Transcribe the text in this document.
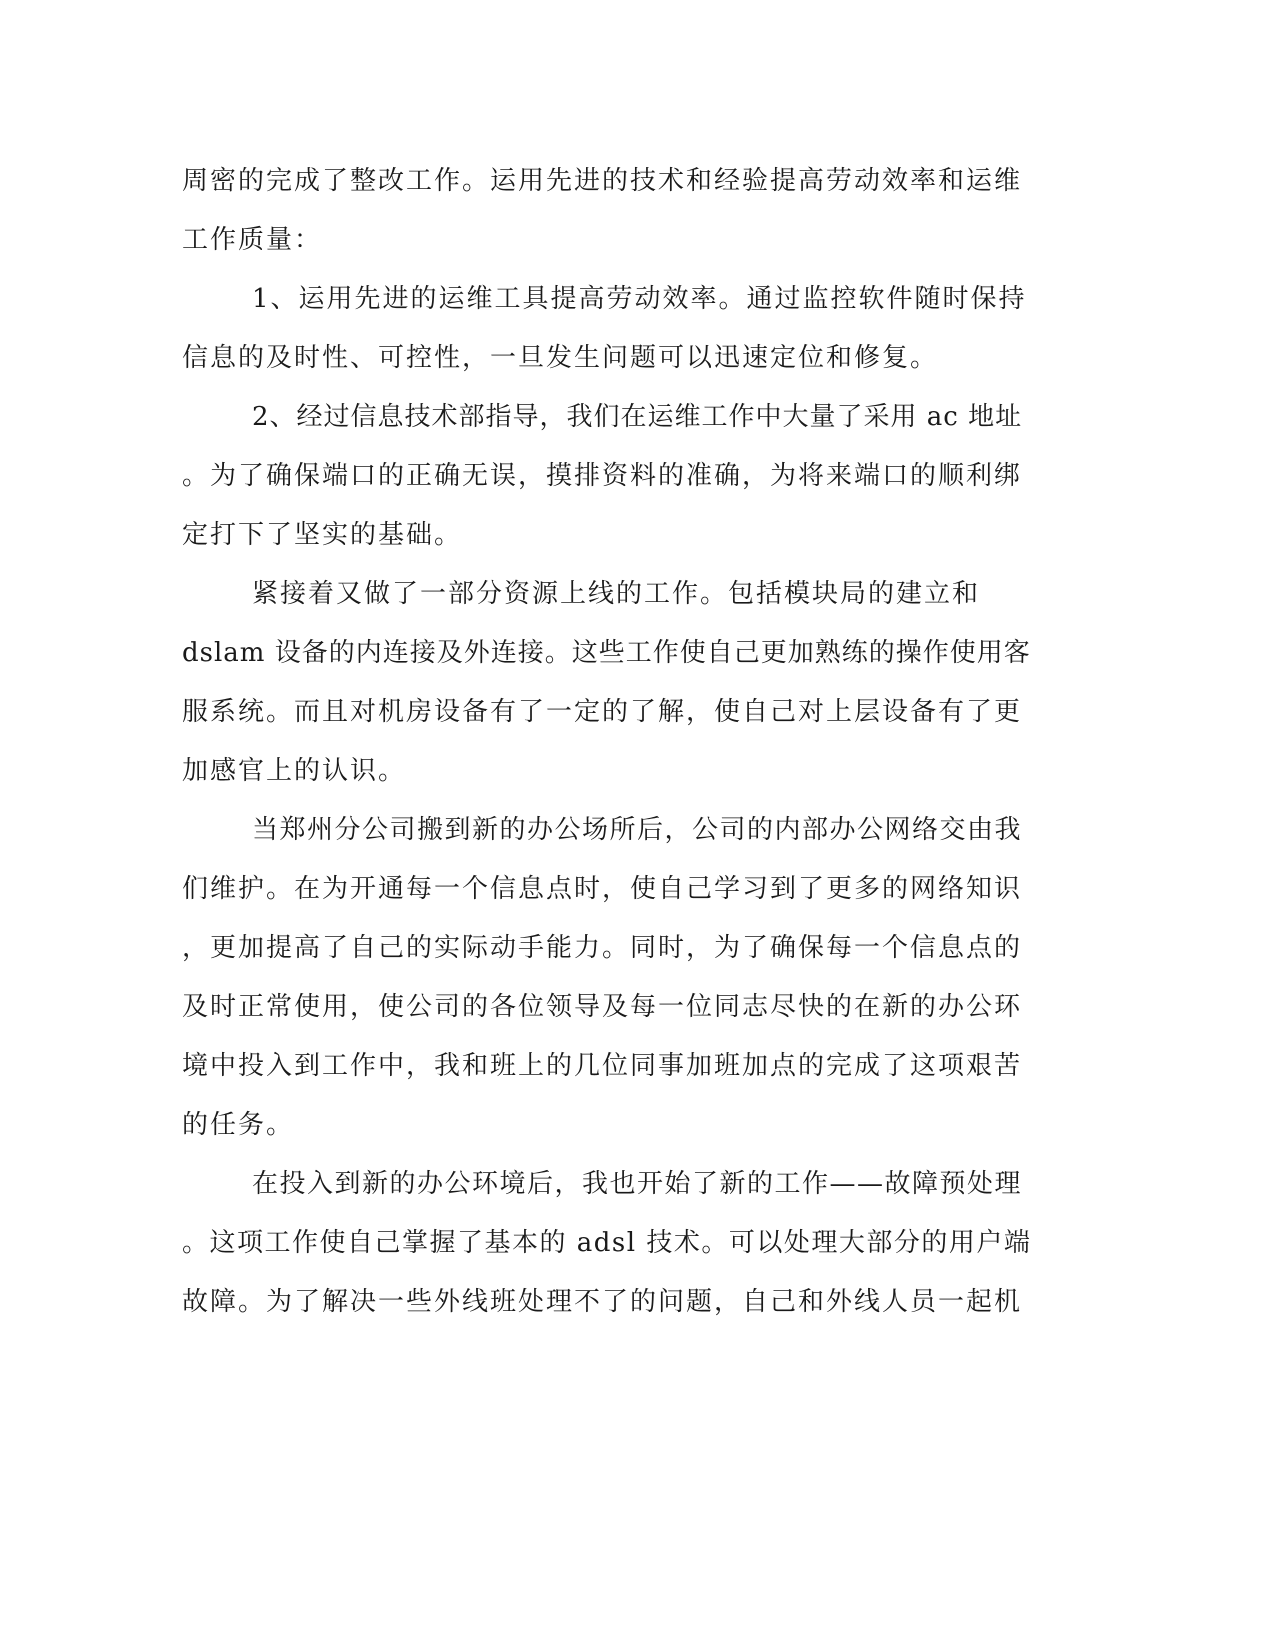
周密的完成了整改工作。运用先进的技术和经验提高劳动效率和运维
工作质量：
1、运用先进的运维工具提高劳动效率。通过监控软件随时保持
信息的及时性、可控性，一旦发生问题可以迅速定位和修复。
2、经过信息技术部指导，我们在运维工作中大量了采用 ac 地址
。为了确保端口的正确无误，摸排资料的准确，为将来端口的顺利绑
定打下了坚实的基础。
紧接着又做了一部分资源上线的工作。包括模块局的建立和
dslam 设备的内连接及外连接。这些工作使自己更加熟练的操作使用客
服系统。而且对机房设备有了一定的了解，使自己对上层设备有了更
加感官上的认识。
当郑州分公司搬到新的办公场所后，公司的内部办公网络交由我
们维护。在为开通每一个信息点时，使自己学习到了更多的网络知识
，更加提高了自己的实际动手能力。同时，为了确保每一个信息点的
及时正常使用，使公司的各位领导及每一位同志尽快的在新的办公环
境中投入到工作中，我和班上的几位同事加班加点的完成了这项艰苦
的任务。
在投入到新的办公环境后，我也开始了新的工作——故障预处理
。这项工作使自己掌握了基本的 adsl 技术。可以处理大部分的用户端
故障。为了解决一些外线班处理不了的问题，自己和外线人员一起机
